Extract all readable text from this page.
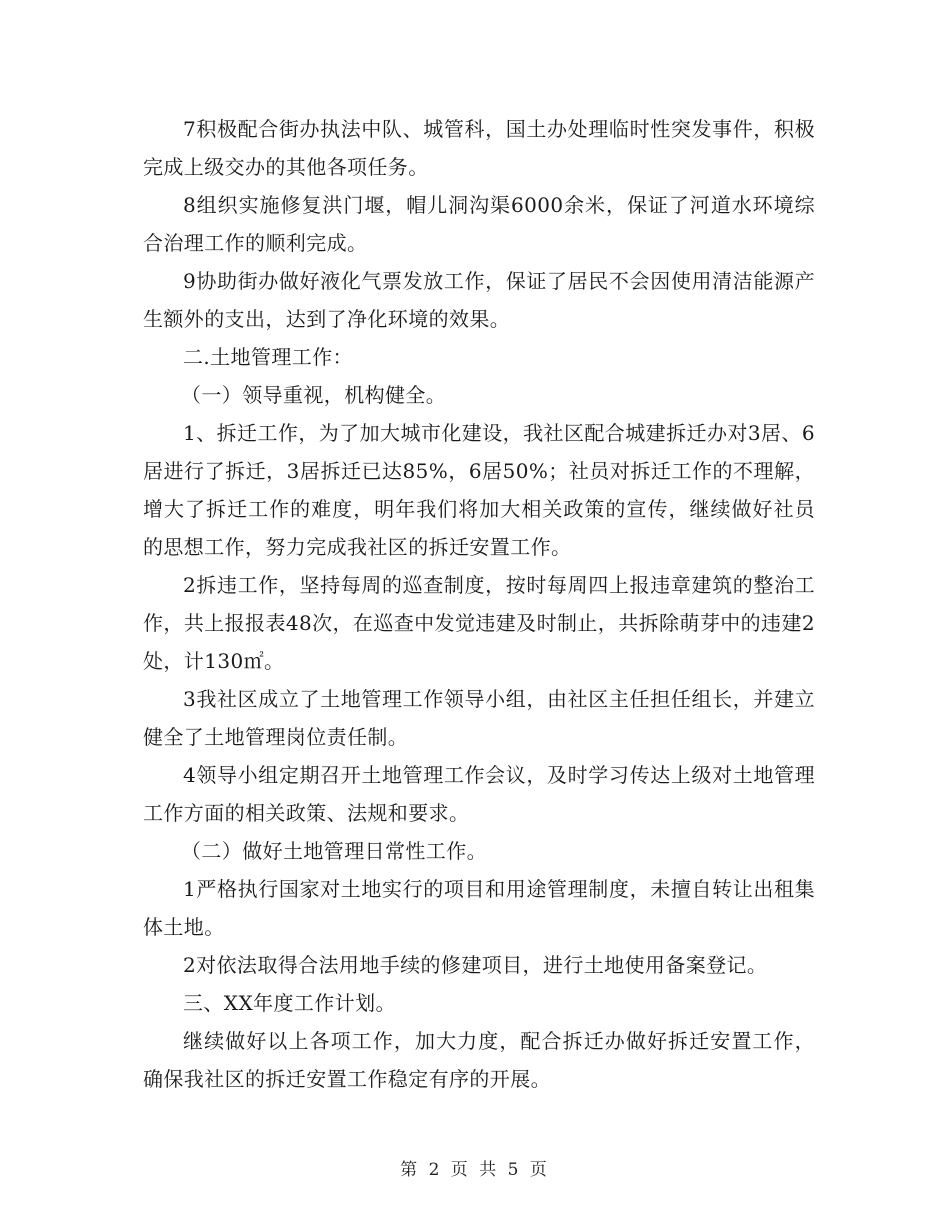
7积极配合街办执法中队、城管科，国土办处理临时性突发事件，积极完成上级交办的其他各项任务。

8组织实施修复洪门堰，帽儿洞沟渠6000余米，保证了河道水环境综合治理工作的顺利完成。

9协助街办做好液化气票发放工作，保证了居民不会因使用清洁能源产生额外的支出，达到了净化环境的效果。

二.土地管理工作：

（一）领导重视，机构健全。

1、拆迁工作，为了加大城市化建设，我社区配合城建拆迁办对3居、6居进行了拆迁，3居拆迁已达85%，6居50%；社员对拆迁工作的不理解，增大了拆迁工作的难度，明年我们将加大相关政策的宣传，继续做好社员的思想工作，努力完成我社区的拆迁安置工作。

2拆违工作，坚持每周的巡查制度，按时每周四上报违章建筑的整治工作，共上报报表48次，在巡查中发觉违建及时制止，共拆除萌芽中的违建2处，计130㎡。

3我社区成立了土地管理工作领导小组，由社区主任担任组长，并建立健全了土地管理岗位责任制。

4领导小组定期召开土地管理工作会议，及时学习传达上级对土地管理工作方面的相关政策、法规和要求。

（二）做好土地管理日常性工作。

1严格执行国家对土地实行的项目和用途管理制度，未擅自转让出租集体土地。

2对依法取得合法用地手续的修建项目，进行土地使用备案登记。

三、XX年度工作计划。

继续做好以上各项工作，加大力度，配合拆迁办做好拆迁安置工作，确保我社区的拆迁安置工作稳定有序的开展。

第 2 页 共 5 页
